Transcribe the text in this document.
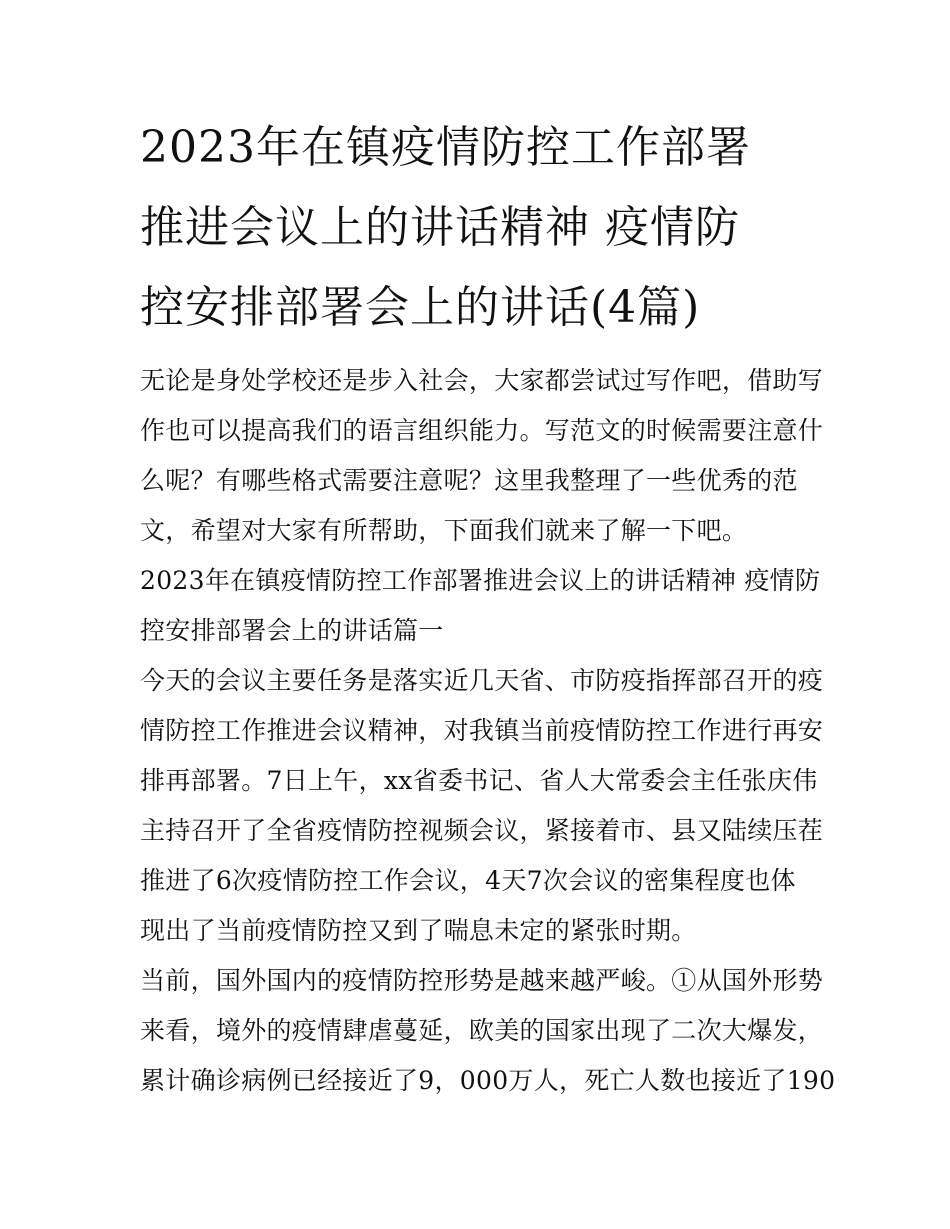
2023年在镇疫情防控工作部署
推进会议上的讲话精神 疫情防
控安排部署会上的讲话(4篇)
无论是身处学校还是步入社会，大家都尝试过写作吧，借助写
作也可以提高我们的语言组织能力。写范文的时候需要注意什
么呢？有哪些格式需要注意呢？这里我整理了一些优秀的范
文，希望对大家有所帮助，下面我们就来了解一下吧。
2023年在镇疫情防控工作部署推进会议上的讲话精神 疫情防
控安排部署会上的讲话篇一
今天的会议主要任务是落实近几天省、市防疫指挥部召开的疫
情防控工作推进会议精神，对我镇当前疫情防控工作进行再安
排再部署。7日上午，xx省委书记、省人大常委会主任张庆伟
主持召开了全省疫情防控视频会议，紧接着市、县又陆续压茬
推进了6次疫情防控工作会议，4天7次会议的密集程度也体
现出了当前疫情防控又到了喘息未定的紧张时期。
当前，国外国内的疫情防控形势是越来越严峻。①从国外形势
来看，境外的疫情肆虐蔓延，欧美的国家出现了二次大爆发，
累计确诊病例已经接近了9，000万人，死亡人数也接近了190
